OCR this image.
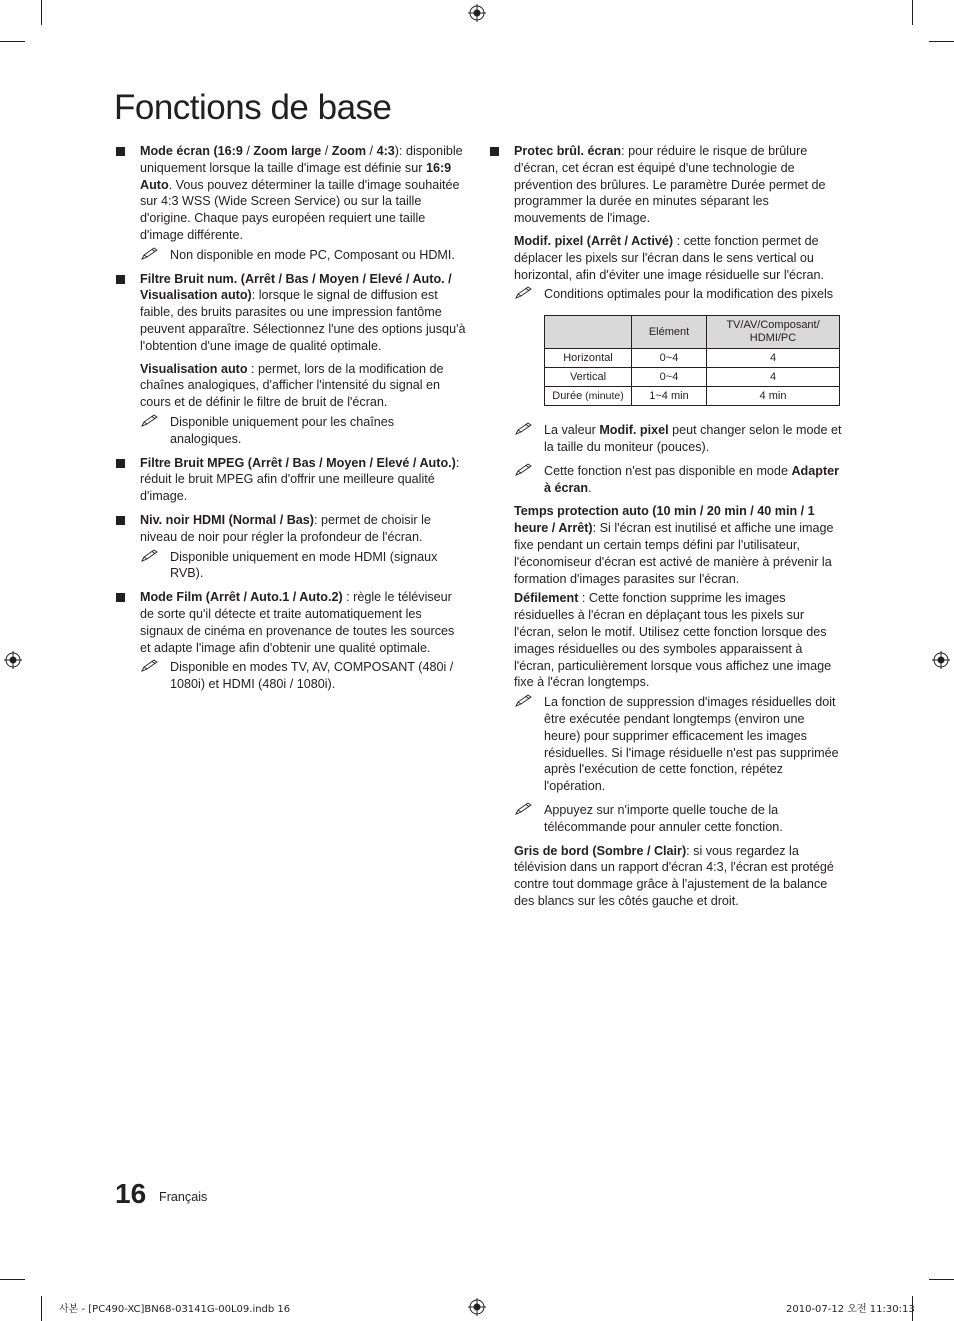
Fonctions de base
Mode écran (16:9 / Zoom large / Zoom / 4:3): disponible uniquement lorsque la taille d'image est définie sur 16:9 Auto. Vous pouvez déterminer la taille d'image souhaitée sur 4:3 WSS (Wide Screen Service) ou sur la taille d'origine. Chaque pays européen requiert une taille d'image différente.
Non disponible en mode PC, Composant ou HDMI.
Filtre Bruit num. (Arrêt / Bas / Moyen / Elevé / Auto. / Visualisation auto): lorsque le signal de diffusion est faible, des bruits parasites ou une impression fantôme peuvent apparaître. Sélectionnez l'une des options jusqu'à l'obtention d'une image de qualité optimale.
Visualisation auto : permet, lors de la modification de chaînes analogiques, d'afficher l'intensité du signal en cours et de définir le filtre de bruit de l'écran.
Disponible uniquement pour les chaînes analogiques.
Filtre Bruit MPEG (Arrêt / Bas / Moyen / Elevé / Auto.): réduit le bruit MPEG afin d'offrir une meilleure qualité d'image.
Niv. noir HDMI (Normal / Bas): permet de choisir le niveau de noir pour régler la profondeur de l'écran.
Disponible uniquement en mode HDMI (signaux RVB).
Mode Film (Arrêt / Auto.1 / Auto.2) : règle le téléviseur de sorte qu'il détecte et traite automatiquement les signaux de cinéma en provenance de toutes les sources et adapte l'image afin d'obtenir une qualité optimale.
Disponible en modes TV, AV, COMPOSANT (480i / 1080i) et HDMI (480i / 1080i).
Protec brûl. écran: pour réduire le risque de brûlure d'écran, cet écran est équipé d'une technologie de prévention des brûlures. Le paramètre Durée permet de programmer la durée en minutes séparant les mouvements de l'image.
Modif. pixel (Arrêt / Activé) : cette fonction permet de déplacer les pixels sur l'écran dans le sens vertical ou horizontal, afin d'éviter une image résiduelle sur l'écran.
Conditions optimales pour la modification des pixels
	Elément	TV/AV/Composant/ HDMI/PC
Horizontal	0~4	4
Vertical	0~4	4
Durée (minute)	1~4 min	4 min
La valeur Modif. pixel peut changer selon le mode et la taille du moniteur (pouces).
Cette fonction n'est pas disponible en mode Adapter à écran.
Temps protection auto (10 min / 20 min / 40 min / 1 heure / Arrêt): Si l'écran est inutilisé et affiche une image fixe pendant un certain temps défini par l'utilisateur, l'économiseur d'écran est activé de manière à prévenir la formation d'images parasites sur l'écran.
Défilement : Cette fonction supprime les images résiduelles à l'écran en déplaçant tous les pixels sur l'écran, selon le motif. Utilisez cette fonction lorsque des images résiduelles ou des symboles apparaissent à l'écran, particulièrement lorsque vous affichez une image fixe à l'écran longtemps.
La fonction de suppression d'images résiduelles doit être exécutée pendant longtemps (environ une heure) pour supprimer efficacement les images résiduelles. Si l'image résiduelle n'est pas supprimée après l'exécution de cette fonction, répétez l'opération.
Appuyez sur n'importe quelle touche de la télécommande pour annuler cette fonction.
Gris de bord (Sombre / Clair): si vous regardez la télévision dans un rapport d'écran 4:3, l'écran est protégé contre tout dommage grâce à l'ajustement de la balance des blancs sur les côtés gauche et droit.
16 Français
사본 - [PC490-XC]BN68-03141G-00L09.indb 16	2010-07-12 오전 11:30:13
